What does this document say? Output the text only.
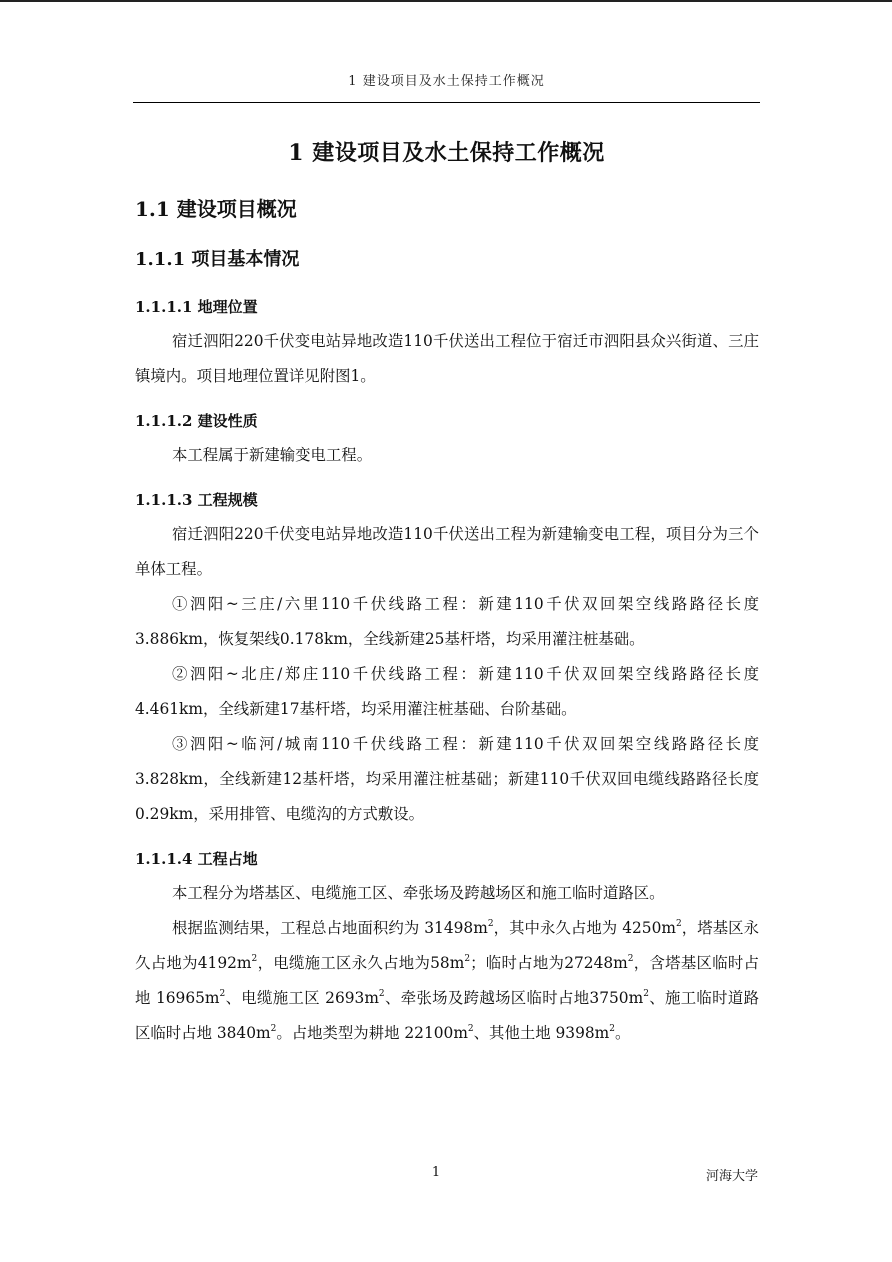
1 建设项目及水土保持工作概况
1 建设项目及水土保持工作概况
1.1 建设项目概况
1.1.1 项目基本情况
1.1.1.1 地理位置

宿迁泗阳220千伏变电站异地改造110千伏送出工程位于宿迁市泗阳县众兴街道、三庄镇境内。项目地理位置详见附图1。

1.1.1.2 建设性质

本工程属于新建输变电工程。

1.1.1.3 工程规模

宿迁泗阳220千伏变电站异地改造110千伏送出工程为新建输变电工程，项目分为三个单体工程。

①泗阳~三庄/六里110千伏线路工程：新建110千伏双回架空线路路径长度3.886km，恢复架线0.178km，全线新建25基杆塔，均采用灌注桩基础。

②泗阳~北庄/郑庄110千伏线路工程：新建110千伏双回架空线路路径长度4.461km，全线新建17基杆塔，均采用灌注桩基础、台阶基础。

③泗阳~临河/城南110千伏线路工程：新建110千伏双回架空线路路径长度3.828km，全线新建12基杆塔，均采用灌注桩基础；新建110千伏双回电缆线路路径长度0.29km，采用排管、电缆沟的方式敷设。

1.1.1.4 工程占地

本工程分为塔基区、电缆施工区、牵张场及跨越场区和施工临时道路区。

根据监测结果，工程总占地面积约为 $31498m^2$，其中永久占地为 $4250m^2$，塔基区永久占地为$4192m^2$，电缆施工区永久占地为$58m^2$；临时占地为$27248m^2$，含塔基区临时占地 $16965m^2$、电缆施工区 $2693m^2$、牵张场及跨越场区临时占地$3750m^2$、施工临时道路区临时占地 $3840m^2$。占地类型为耕地 $22100m^2$、其他土地 $9398m^2$。

1	河海大学
